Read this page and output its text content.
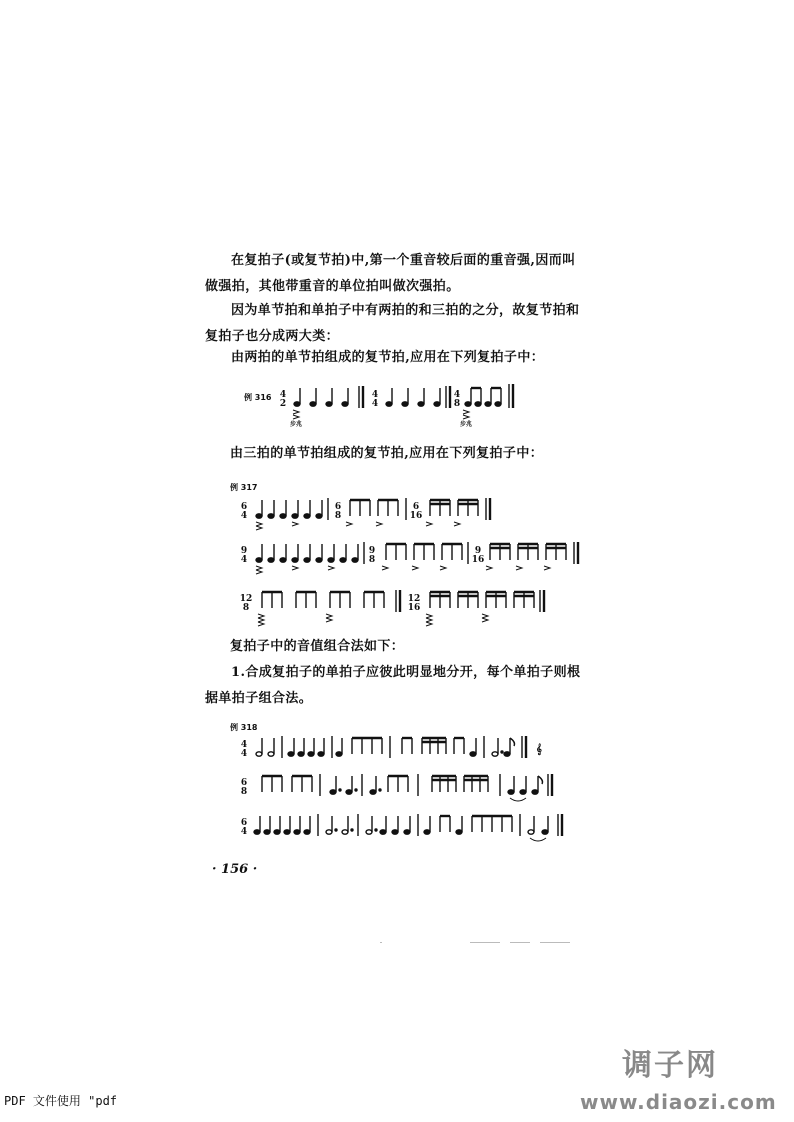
在复拍子(或复节拍)中,第一个重音较后面的重音强,因而叫
做强拍，其他带重音的单位拍叫做次强拍。
因为单节拍和单拍子中有两拍的和三拍的之分，故复节拍和
复拍子也分成两大类：
由两拍的单节拍组成的复节拍,应用在下列复拍子中：
例 316 4
2
4
4
4
8
步兆	步兆
由三拍的单节拍组成的复节拍,应用在下列复拍子中：
例 317
6
4
6
8
6
16
9
4
9
8
9
16
12
8
12
16
复拍子中的音值组合法如下：
1.合成复拍子的单拍子应彼此明显地分开，每个单拍子则根
据单拍子组合法。
例 318
4
4	𝄞
6
8
6
4
· 156 ·
调子网
www.diaozi.com
PDF 文件使用 "pdf
